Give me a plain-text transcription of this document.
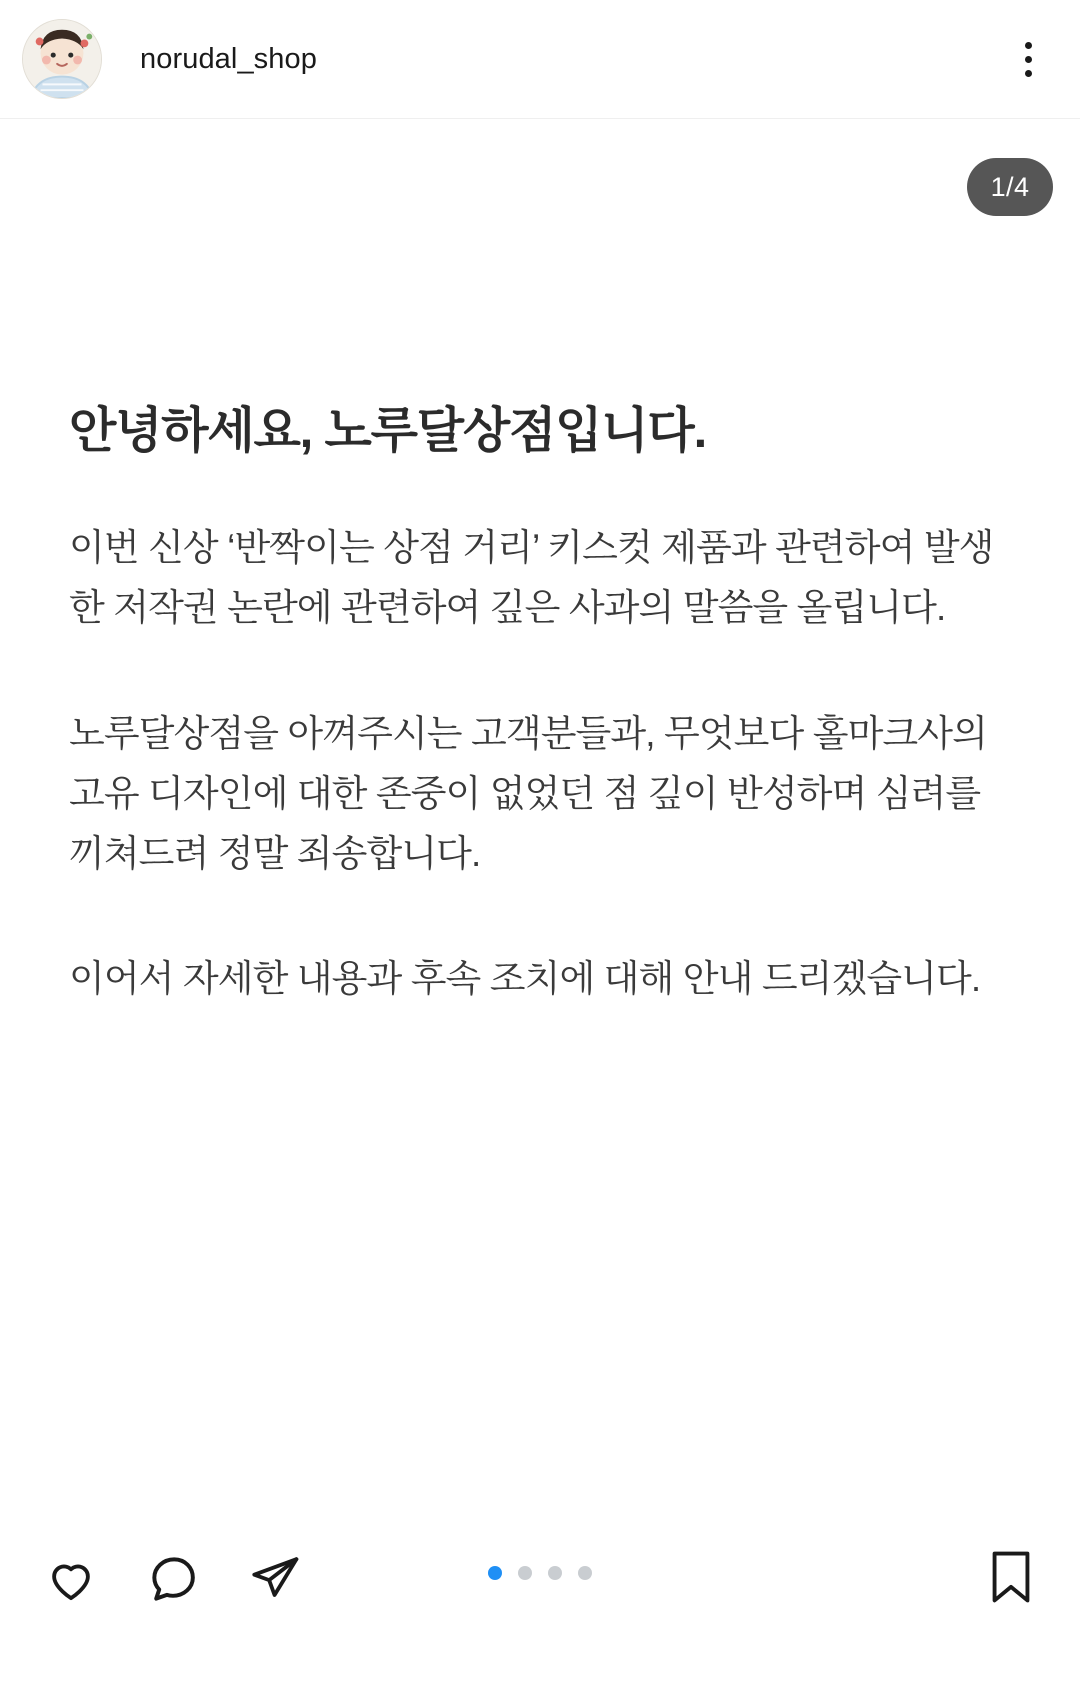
norudal_shop
1/4
안녕하세요, 노루달상점입니다.
이번 신상 ‘반짝이는 상점 거리’ 키스컷 제품과 관련하여 발생한 저작권 논란에 관련하여 깊은 사과의 말씀을 올립니다.
노루달상점을 아껴주시는 고객분들과, 무엇보다 홀마크사의 고유 디자인에 대한 존중이 없었던 점 깊이 반성하며 심려를 끼쳐드려 정말 죄송합니다.
이어서 자세한 내용과 후속 조치에 대해 안내 드리겠습니다.
